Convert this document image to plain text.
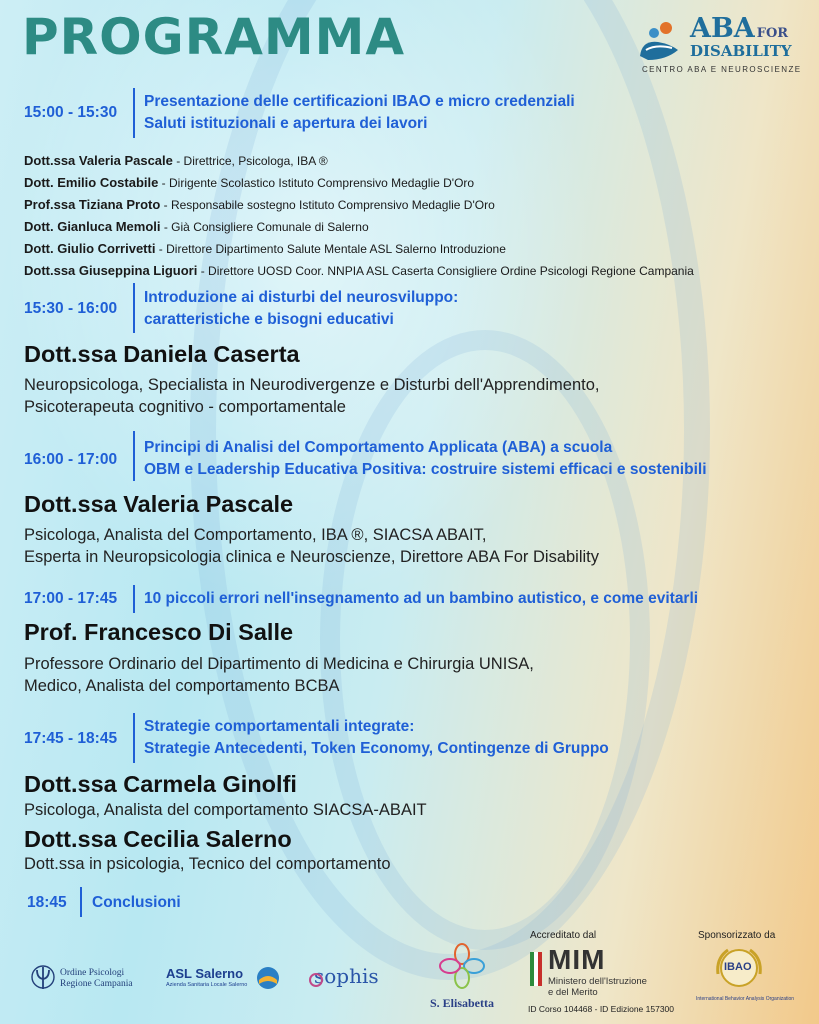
PROGRAMMA	ABA FOR
DISABILITY
CENTRO ABA E NEUROSCIENZE
15:00 - 15:30
Presentazione delle certificazioni IBAO e micro credenziali
Saluti istituzionali e apertura dei lavori
Dott.ssa Valeria Pascale - Direttrice, Psicologa, IBA ®
Dott. Emilio Costabile - Dirigente Scolastico Istituto Comprensivo Medaglie D'Oro
Prof.ssa Tiziana Proto - Responsabile sostegno Istituto Comprensivo Medaglie D'Oro
Dott. Gianluca Memoli - Già Consigliere Comunale di Salerno
Dott. Giulio Corrivetti - Direttore Dipartimento Salute Mentale ASL Salerno Introduzione
Dott.ssa Giuseppina Liguori - Direttore UOSD Coor. NNPIA ASL Caserta Consigliere Ordine Psicologi Regione Campania
15:30 - 16:00
Introduzione ai disturbi del neurosviluppo:
caratteristiche e bisogni educativi
Dott.ssa Daniela Caserta
Neuropsicologa, Specialista in Neurodivergenze e Disturbi dell'Apprendimento,
Psicoterapeuta cognitivo - comportamentale
16:00 - 17:00
Principi di Analisi del Comportamento Applicata (ABA) a scuola
OBM e Leadership Educativa Positiva: costruire sistemi efficaci e sostenibili
Dott.ssa Valeria Pascale
Psicologa, Analista del Comportamento, IBA ®, SIACSA ABAIT,
Esperta in Neuropsicologia clinica e Neuroscienze, Direttore ABA For Disability
17:00 - 17:45 10 piccoli errori nell'insegnamento ad un bambino autistico, e come evitarli
Prof. Francesco Di Salle
Professore Ordinario del Dipartimento di Medicina e Chirurgia UNISA,
Medico, Analista del comportamento BCBA
17:45 - 18:45
Strategie comportamentali integrate:
Strategie Antecedenti, Token Economy, Contingenze di Gruppo
Dott.ssa Carmela Ginolfi
Psicologa, Analista del comportamento SIACSA-ABAIT
Dott.ssa Cecilia Salerno
Dott.ssa in psicologia, Tecnico del comportamento
18:45 Conclusioni
Ordine Psicologi
Regione Campania
ASL Salerno
Azienda Sanitaria Locale Salerno	sophis
S. Elisabetta
Accreditato dal
MIM
Ministero dell'Istruzione
e del Merito
ID Corso 104468 - ID Edizione 157300
Sponsorizzato da
IBAO
International Behavior Analysis Organization
